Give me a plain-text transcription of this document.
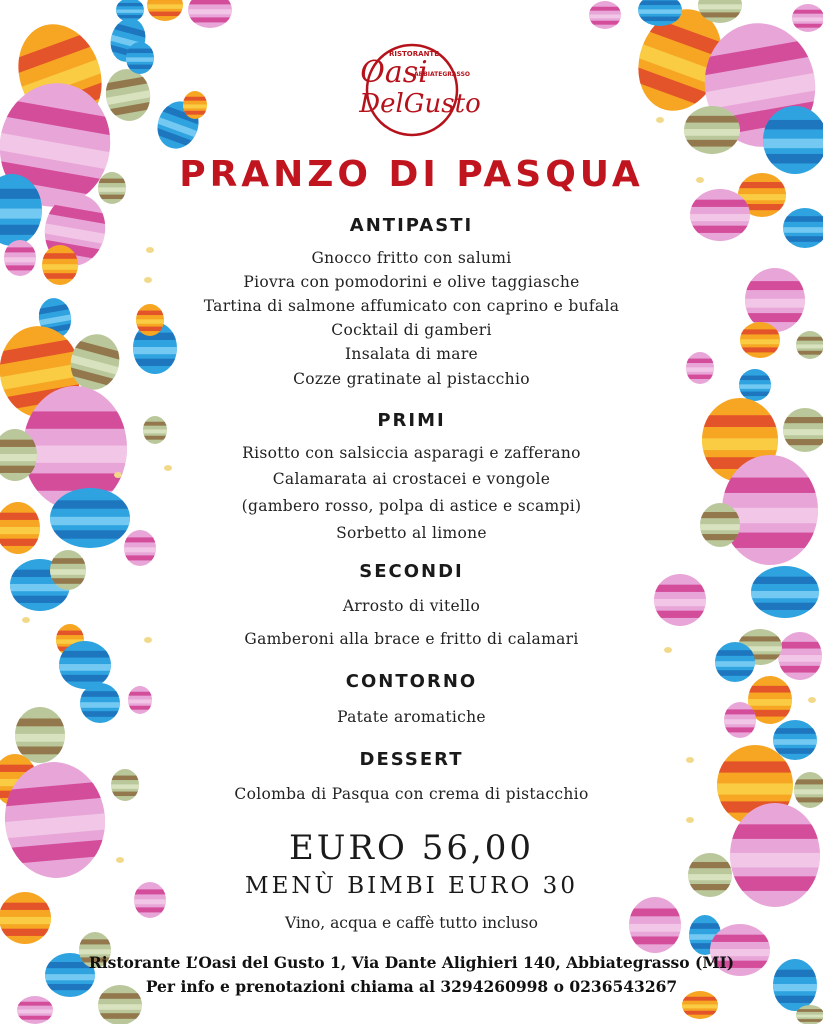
RISTORANTE
Oasi
ABBIATEGRASSO
DelGusto
PRANZO DI PASQUA
ANTIPASTI
Gnocco fritto con salumi
Piovra con pomodorini e olive taggiasche
Tartina di salmone affumicato con caprino e bufala
Cocktail di gamberi
Insalata di mare
Cozze gratinate al pistacchio
PRIMI
Risotto con salsiccia asparagi e zafferano
Calamarata ai crostacei e vongole
(gambero rosso, polpa di astice e scampi)
Sorbetto al limone
SECONDI
Arrosto di vitello
Gamberoni alla brace e fritto di calamari
CONTORNO
Patate aromatiche
DESSERT
Colomba di Pasqua con crema di pistacchio
EURO 56,00
MENÙ BIMBI EURO 30
Vino, acqua e caffè tutto incluso
Ristorante L’Oasi del Gusto 1, Via Dante Alighieri 140, Abbiategrasso (MI)
Per info e prenotazioni chiama al 3294260998 o 0236543267
